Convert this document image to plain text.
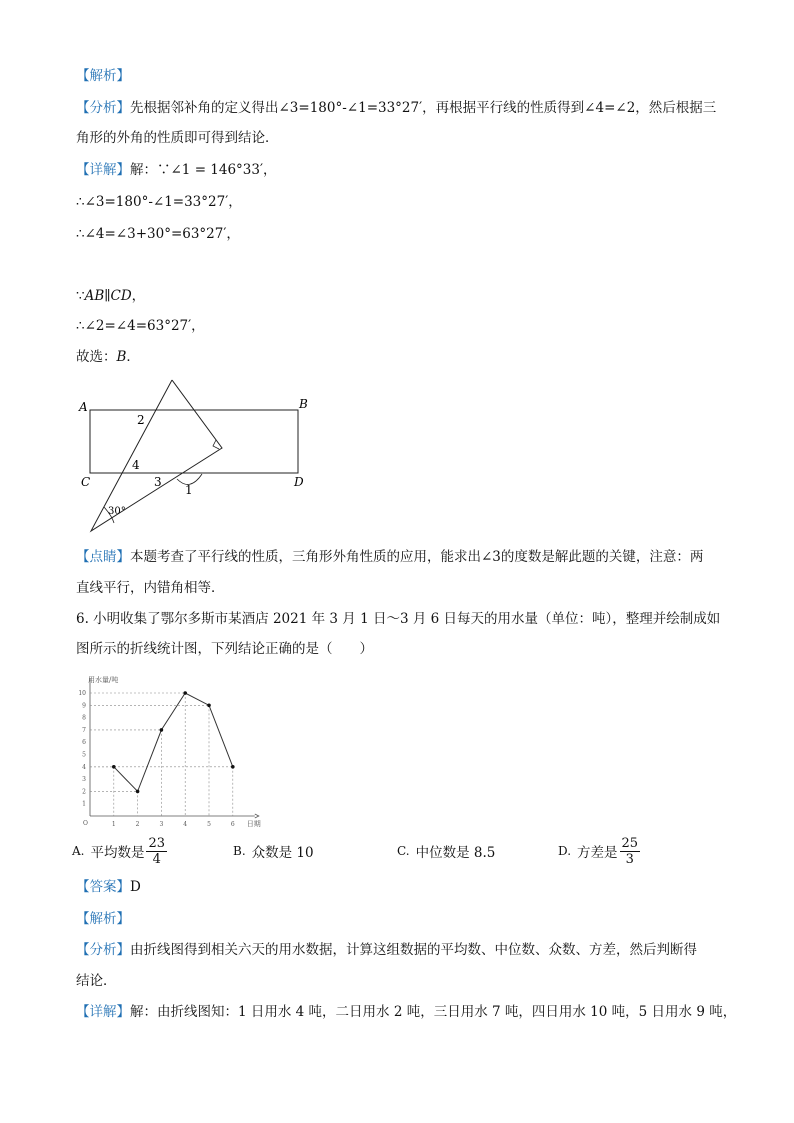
【解析】
【分析】先根据邻补角的定义得出∠3=180°-∠1=33°27′，再根据平行线的性质得到∠4=∠2，然后根据三
角形的外角的性质即可得到结论．
【详解】解：∵∠1 = 146°33′，
∴∠3=180°-∠1=33°27′，
∴∠4=∠3+30°=63°27′，
∵AB∥CD，
∴∠2=∠4=63°27′，
故选：B．
A	B
C	D
2
4
3
1
30°
【点睛】本题考查了平行线的性质，三角形外角性质的应用，能求出∠3的度数是解此题的关键，注意：两
直线平行，内错角相等．
6. 小明收集了鄂尔多斯市某酒店 2021 年 3 月 1 日～3 月 6 日每天的用水量（单位：吨），整理并绘制成如
图所示的折线统计图，下列结论正确的是（　　）
用水量/吨
日期
O
1
2
3
4
5
6
7
8
9
10
1	2	3	4	5	6
A. 平均数是 $\frac{23}{4}$	B. 众数是 10	C. 中位数是 8.5	D. 方差是 $\frac{25}{3}$
【答案】D
【解析】
【分析】由折线图得到相关六天的用水数据，计算这组数据的平均数、中位数、众数、方差，然后判断得
结论．
【详解】解：由折线图知：1 日用水 4 吨，二日用水 2 吨，三日用水 7 吨，四日用水 10 吨，5 日用水 9 吨，
